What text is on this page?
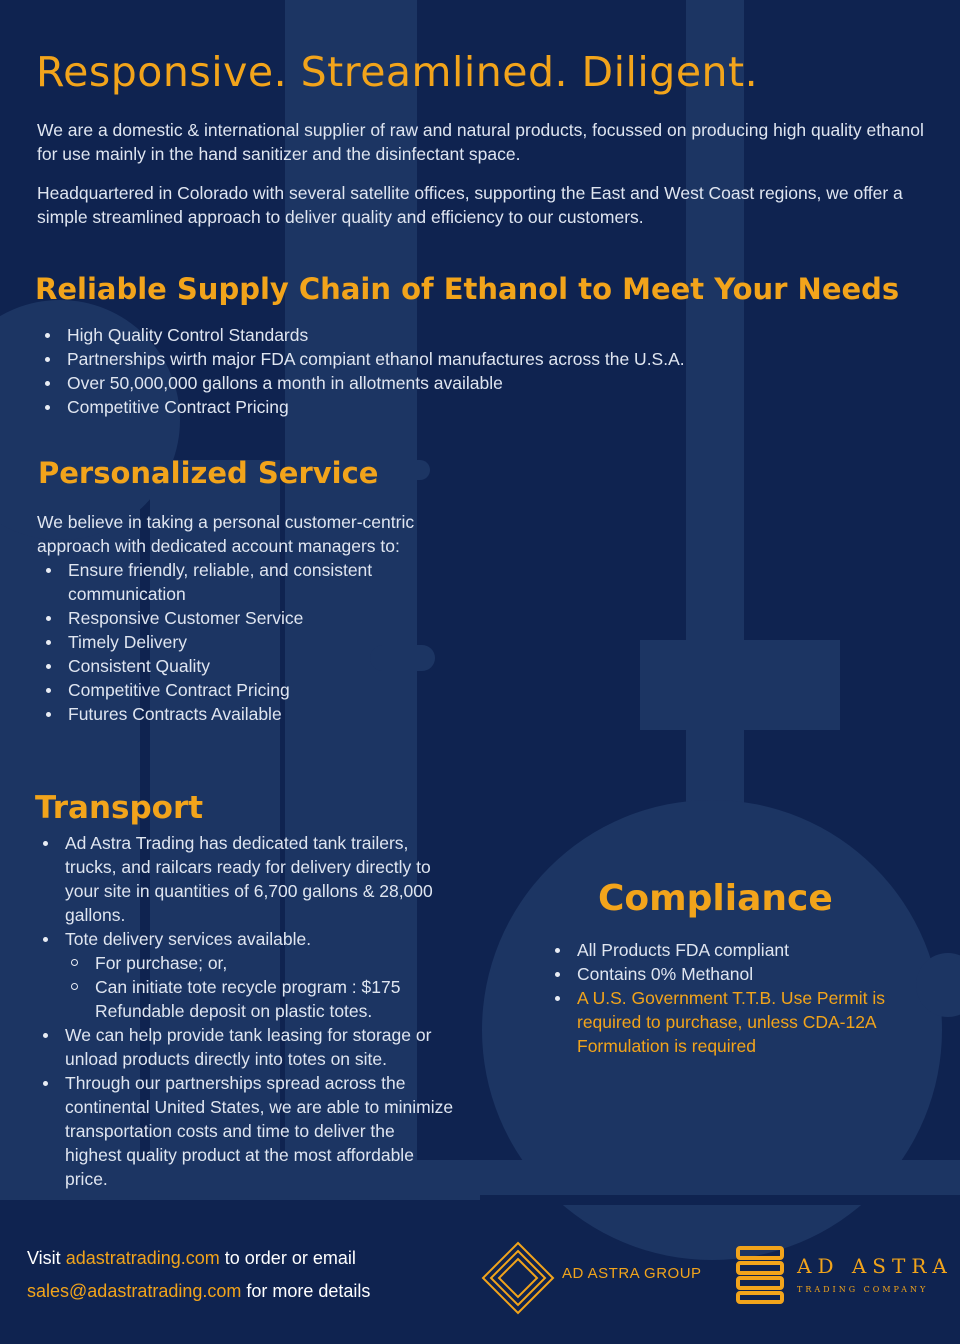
Responsive. Streamlined. Diligent.

We are a domestic & international supplier of raw and natural products, focussed on producing high quality ethanol for use mainly in the hand sanitizer and the disinfectant space.

Headquartered in Colorado with several satellite offices, supporting the East and West Coast regions, we offer a simple streamlined approach to deliver quality and efficiency to our customers.

Reliable Supply Chain of Ethanol to Meet Your Needs
High Quality Control Standards
Partnerships wirth major FDA compiant ethanol manufactures across the U.S.A.
Over 50,000,000 gallons a month in allotments available
Competitive Contract Pricing
Personalized Service

We believe in taking a personal customer-centric approach with dedicated account managers to:

Ensure friendly, reliable, and consistent communication
Responsive Customer Service
Timely Delivery
Consistent Quality
Competitive Contract Pricing
Futures Contracts Available
Transport
Ad Astra Trading has dedicated tank trailers, trucks, and railcars ready for delivery directly to your site in quantities of 6,700 gallons & 28,000 gallons.
Tote delivery services available.
For purchase; or,
Can initiate tote recycle program : $175 Refundable deposit on plastic totes.
We can help provide tank leasing for storage or unload products directly into totes on site.
Through our partnerships spread across the continental United States, we are able to minimize transportation costs and time to deliver the highest quality product at the most affordable price.
Compliance
All Products FDA compliant
Contains 0% Methanol
A U.S. Government T.T.B. Use Permit is required to purchase, unless CDA-12A Formulation is required
Visit adastratrading.com to order or email
sales@adastratrading.com for more details
AD ASTRA GROUP	AD ASTRA
TRADING COMPANY
